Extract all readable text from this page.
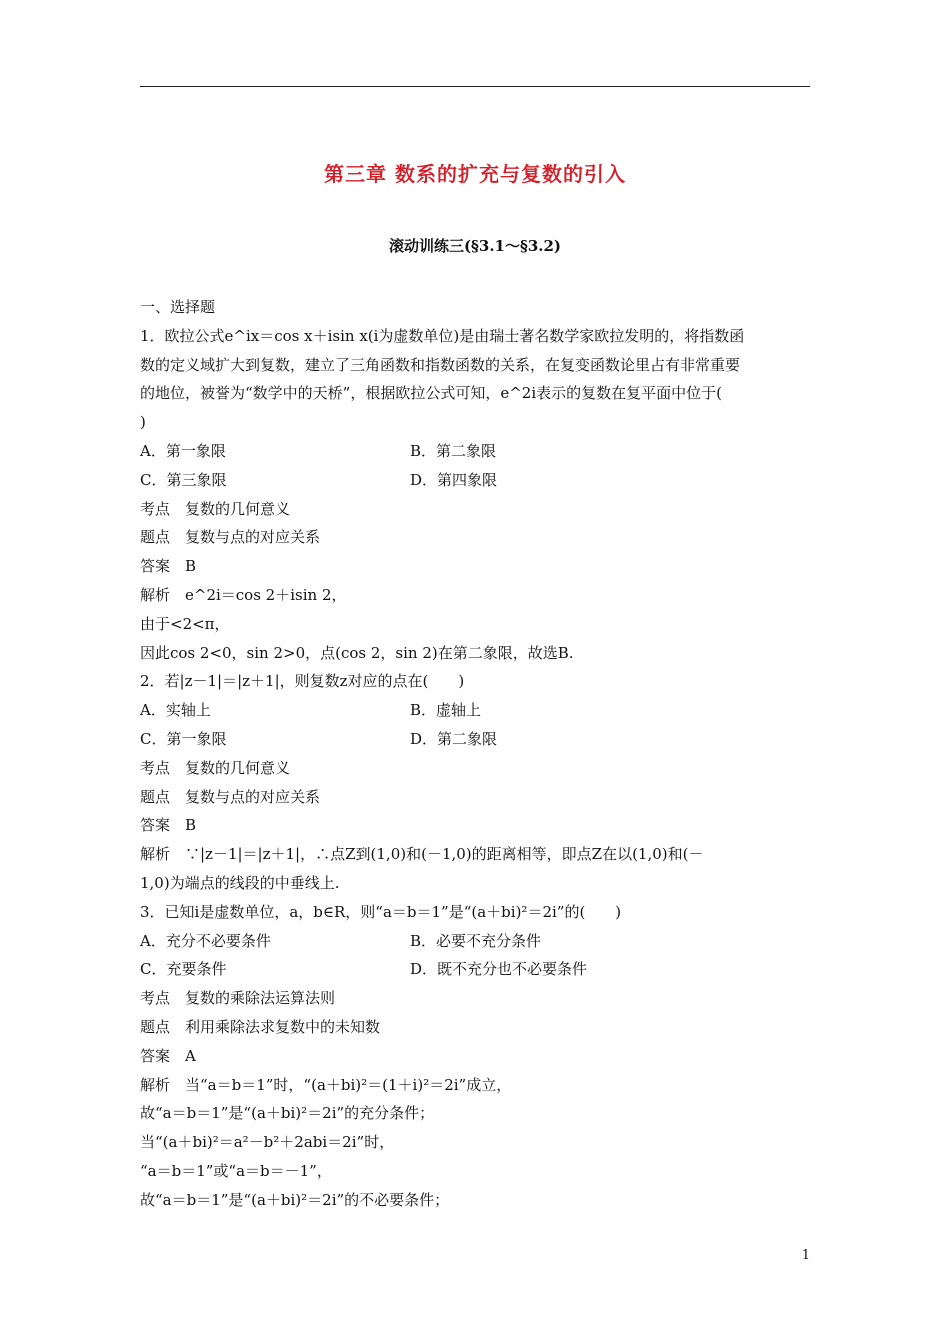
第三章 数系的扩充与复数的引入
滚动训练三(§3.1～§3.2)
一、选择题
1．欧拉公式e^ix＝cos x＋isin x(i为虚数单位)是由瑞士著名数学家欧拉发明的，将指数函
数的定义域扩大到复数，建立了三角函数和指数函数的关系，在复变函数论里占有非常重要
的地位，被誉为“数学中的天桥”，根据欧拉公式可知，e^2i表示的复数在复平面中位于(
)
A．第一象限	B．第二象限
C．第三象限	D．第四象限
考点　复数的几何意义
题点　复数与点的对应关系
答案　B
解析　e^2i＝cos 2＋isin 2，
由于<2<π，
因此cos 2<0，sin 2>0，点(cos 2，sin 2)在第二象限，故选B.
2．若|z－1|＝|z＋1|，则复数z对应的点在(　　)
A．实轴上	B．虚轴上
C．第一象限	D．第二象限
考点　复数的几何意义
题点　复数与点的对应关系
答案　B
解析　∵|z－1|＝|z＋1|，∴点Z到(1,0)和(－1,0)的距离相等，即点Z在以(1,0)和(－
1,0)为端点的线段的中垂线上.
3．已知i是虚数单位，a，b∈R，则“a＝b＝1”是“(a＋bi)²＝2i”的(　　)
A．充分不必要条件	B．必要不充分条件
C．充要条件	D．既不充分也不必要条件
考点　复数的乘除法运算法则
题点　利用乘除法求复数中的未知数
答案　A
解析　当“a＝b＝1”时，“(a＋bi)²＝(1＋i)²＝2i”成立，
故“a＝b＝1”是“(a＋bi)²＝2i”的充分条件；
当“(a＋bi)²＝a²－b²＋2abi＝2i”时，
“a＝b＝1”或“a＝b＝－1”，
故“a＝b＝1”是“(a＋bi)²＝2i”的不必要条件；
1
